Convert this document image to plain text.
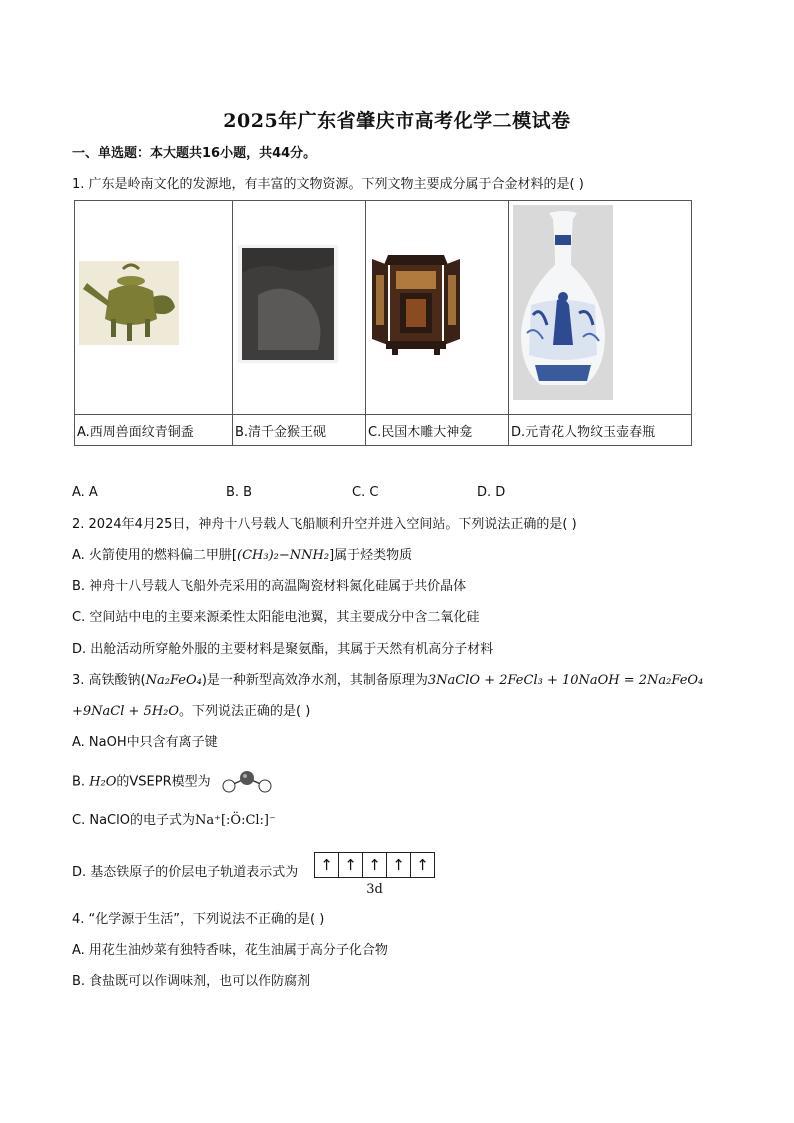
2025年广东省肇庆市高考化学二模试卷
一、单选题：本大题共16小题，共44分。
1. 广东是岭南文化的发源地，有丰富的文物资源。下列文物主要成分属于合金材料的是( )

A.西周兽面纹青铜盉	B.清千金猴王砚	C.民国木雕大神龛	D.元青花人物纹玉壶春瓶
A. A	B. B	C. C	D. D
2. 2024年4月25日，神舟十八号载人飞船顺利升空并进入空间站。下列说法正确的是( )
A. 火箭使用的燃料偏二甲肼[(CH₃)₂−NNH₂]属于烃类物质
B. 神舟十八号载人飞船外壳采用的高温陶瓷材料氮化硅属于共价晶体
C. 空间站中电的主要来源柔性太阳能电池翼，其主要成分中含二氧化硅
D. 出舱活动所穿舱外服的主要材料是聚氨酯，其属于天然有机高分子材料
3. 高铁酸钠(Na₂FeO₄)是一种新型高效净水剂，其制备原理为3NaClO + 2FeCl₃ + 10NaOH = 2Na₂FeO₄
+9NaCl + 5H₂O。下列说法正确的是( )
A. NaOH中只含有离子键
B. H₂O的VSEPR模型为
C. NaClO的电子式为Na⁺[:Ö:Cl:]⁻
D. 基态铁原子的价层电子轨道表示式为	↑ ↑ ↑ ↑ ↑
3d
4. “化学源于生活”，下列说法不正确的是( )
A. 用花生油炒菜有独特香味，花生油属于高分子化合物
B. 食盐既可以作调味剂，也可以作防腐剂
